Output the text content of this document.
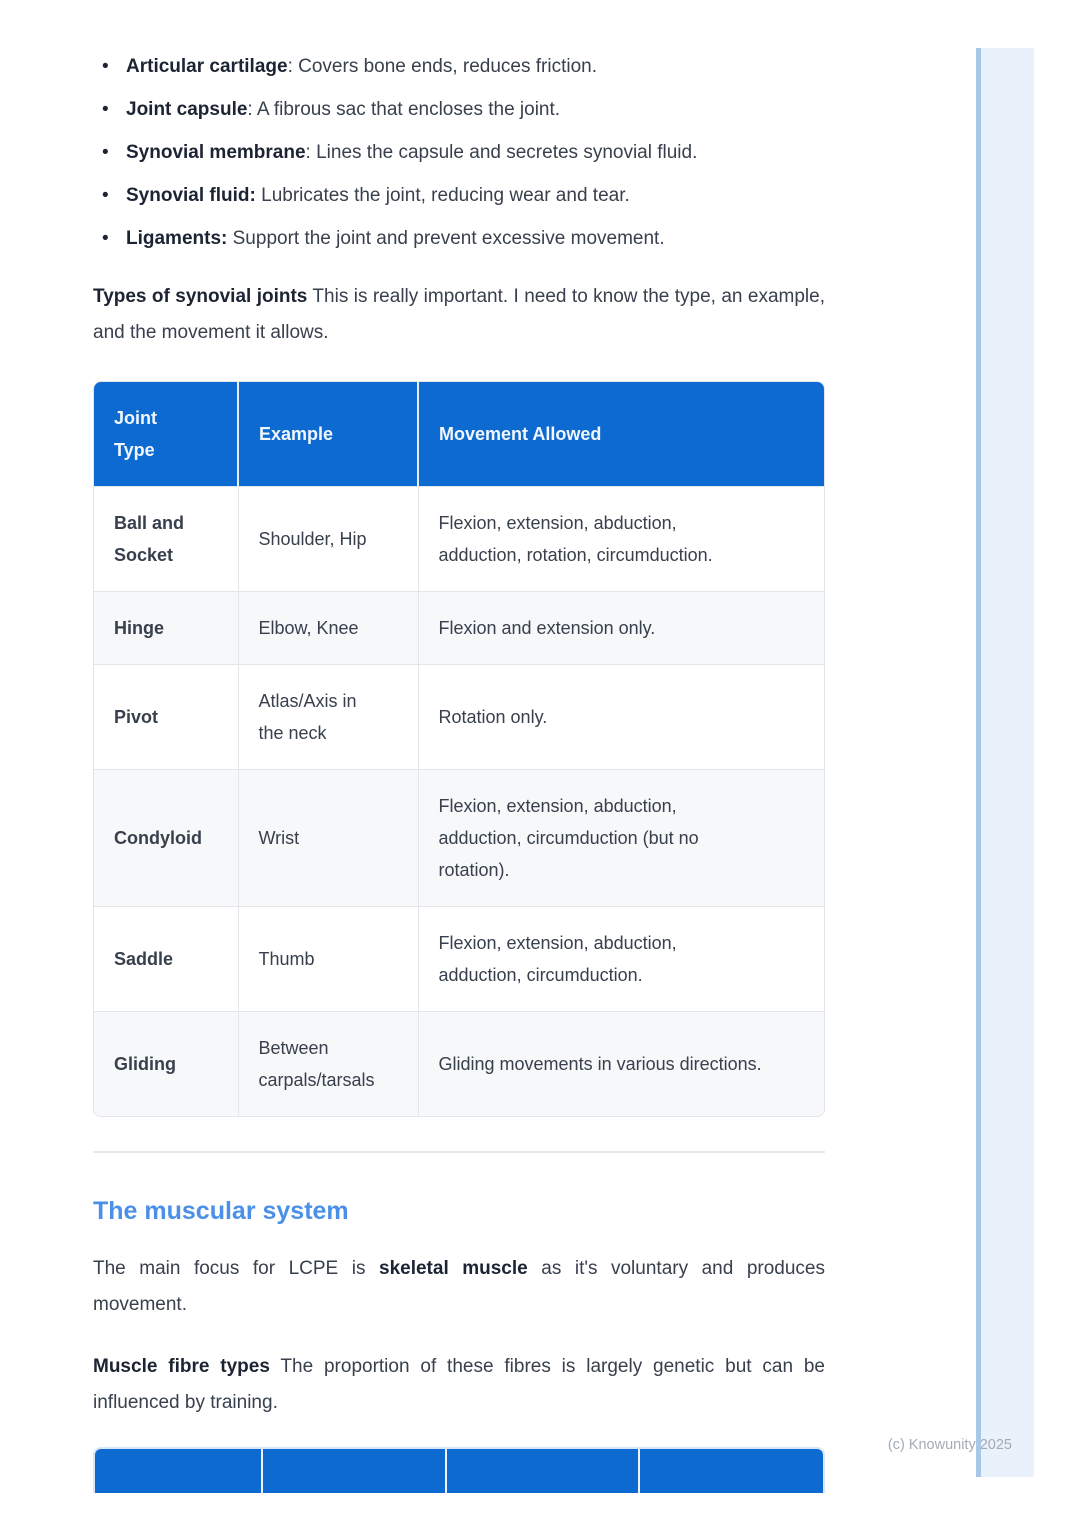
• Articular cartilage: Covers bone ends, reduces friction.
• Joint capsule: A fibrous sac that encloses the joint.
• Synovial membrane: Lines the capsule and secretes synovial fluid.
• Synovial fluid: Lubricates the joint, reducing wear and tear.
• Ligaments: Support the joint and prevent excessive movement.

Types of synovial joints This is really important. I need to know the type, an example, and the movement it allows.

Joint Type	Example	Movement Allowed

Ball and Socket	Shoulder, Hip	Flexion, extension, abduction, adduction, rotation, circumduction.

Hinge	Elbow, Knee	Flexion and extension only.

Pivot	Atlas/Axis in the neck	Rotation only.

Condyloid	Wrist	Flexion, extension, abduction, adduction, circumduction (but no rotation).

Saddle	Thumb	Flexion, extension, abduction, adduction, circumduction.

Gliding	Between carpals/tarsals	Gliding movements in various directions.
The muscular system

The main focus for LCPE is skeletal muscle as it's voluntary and produces movement.

Muscle fibre types The proportion of these fibres is largely genetic but can be influenced by training.

(c) Knowunity 2025
